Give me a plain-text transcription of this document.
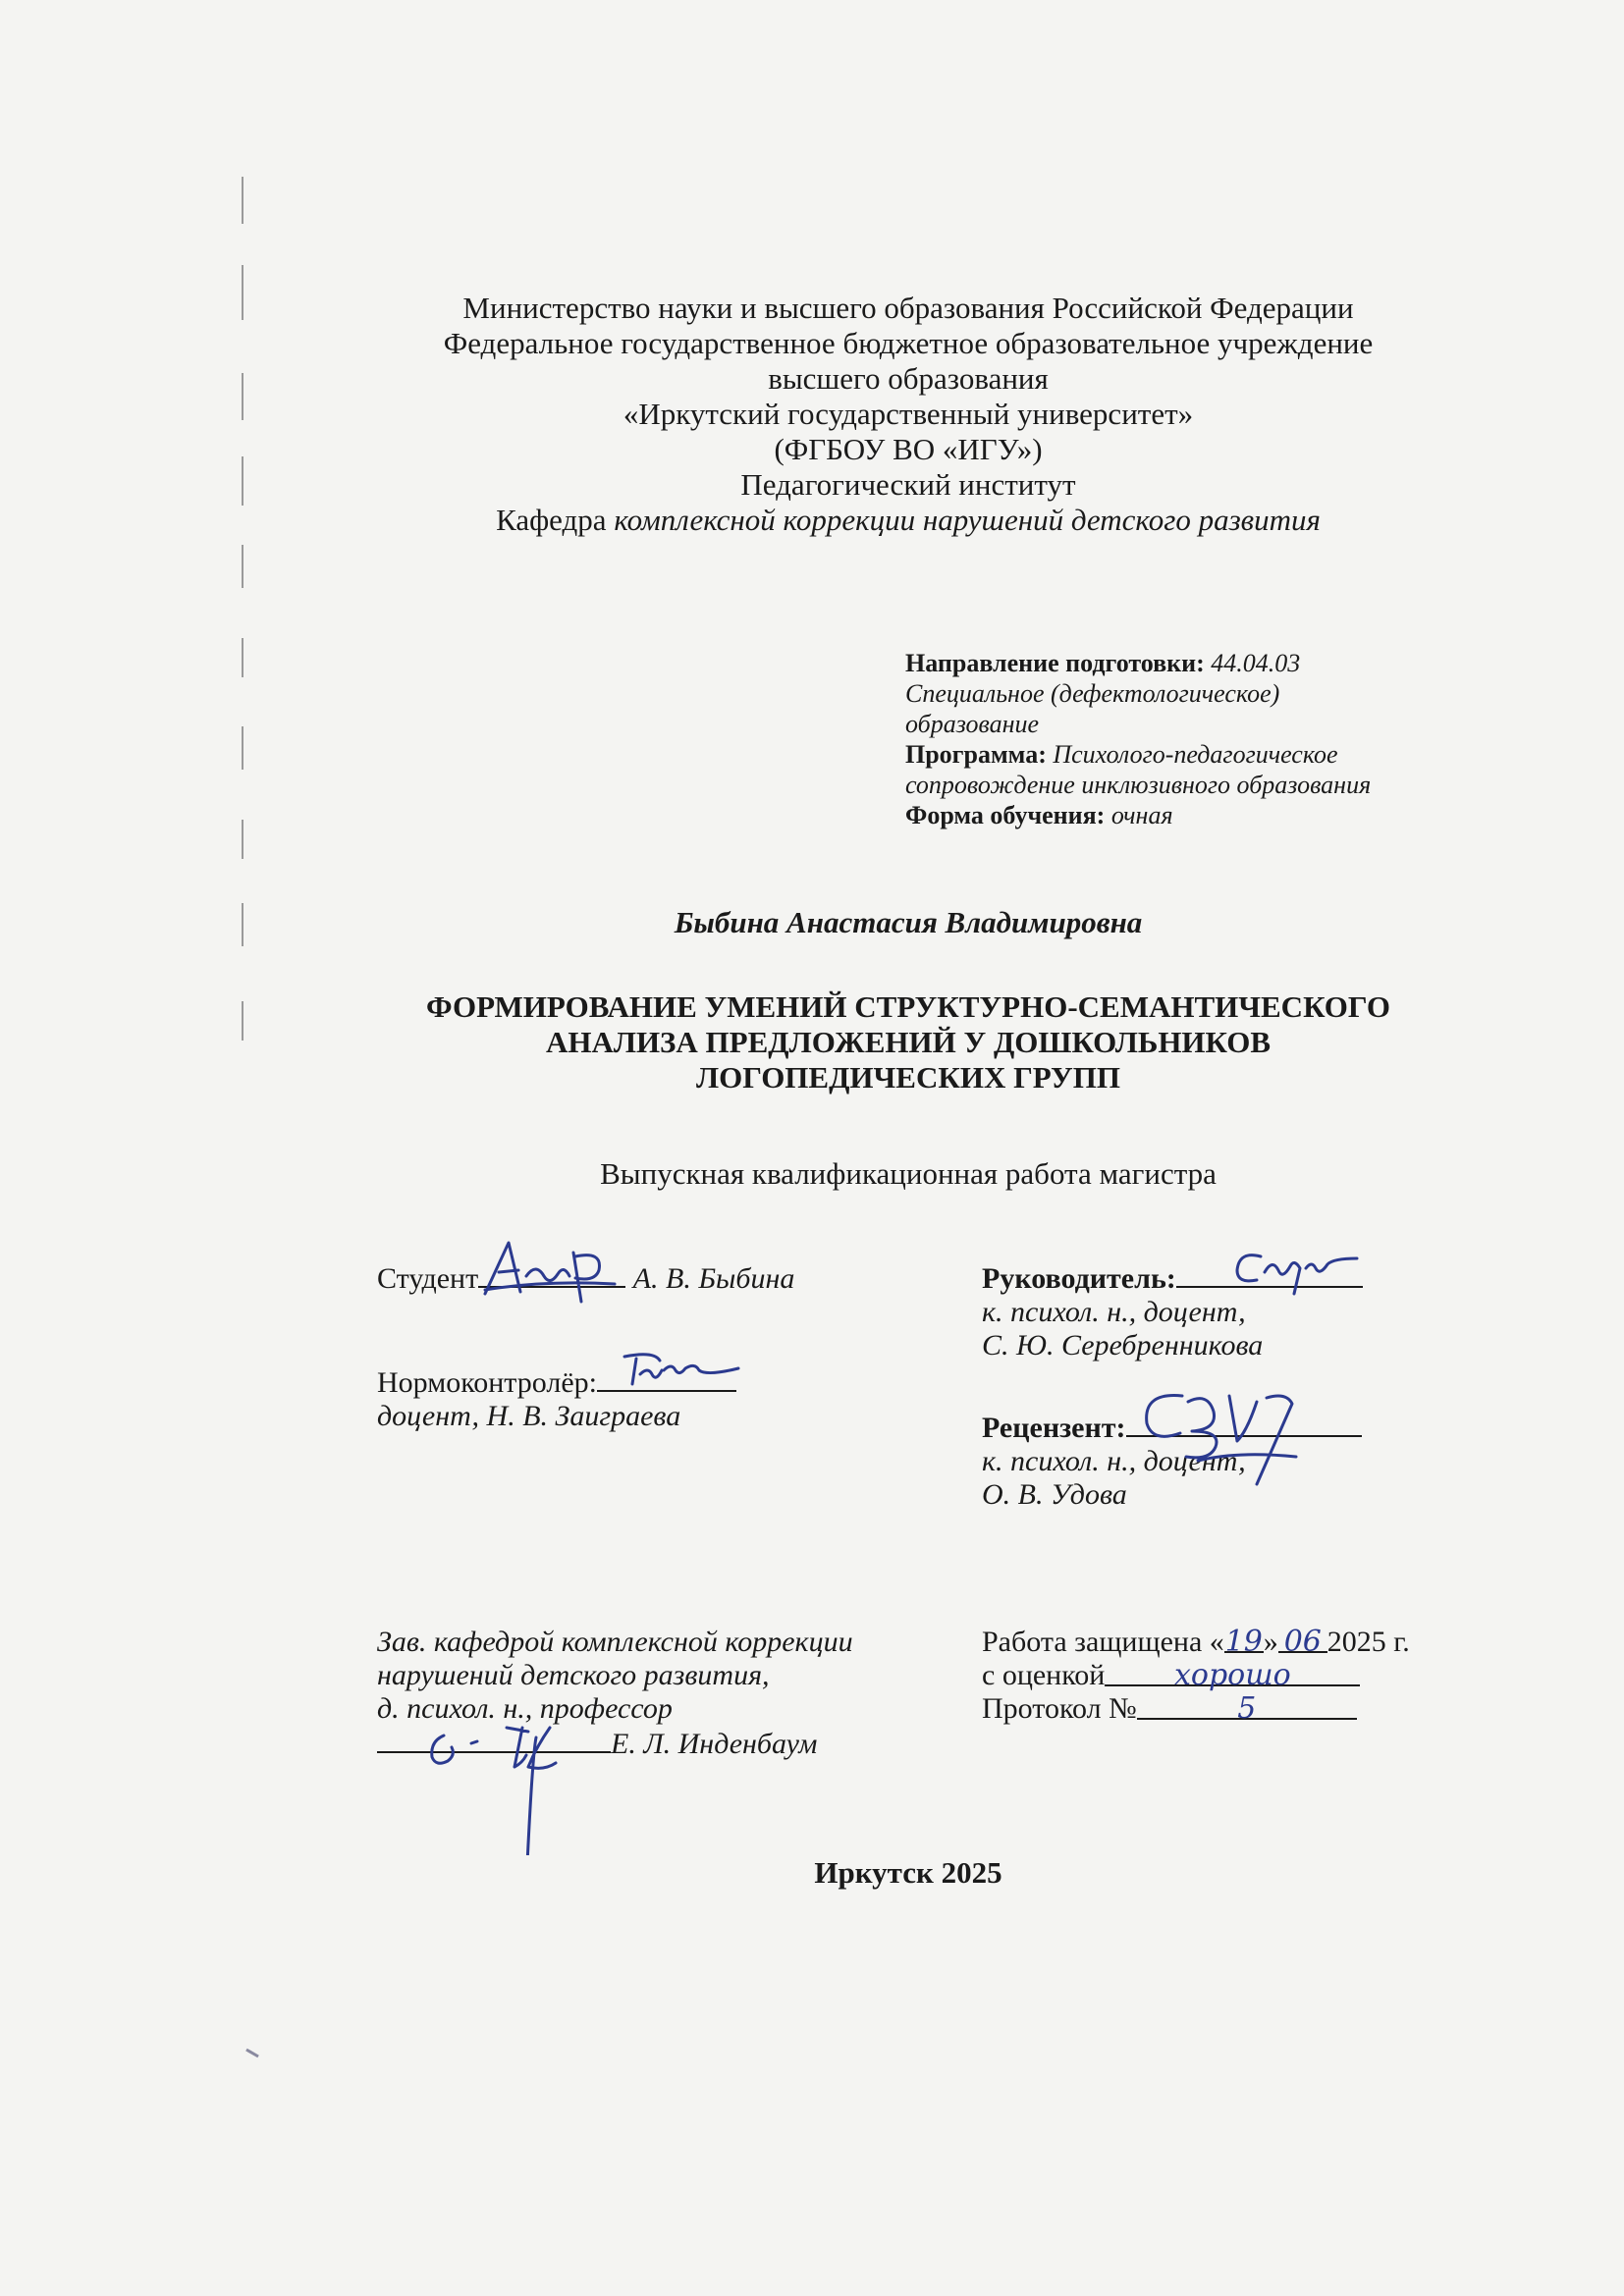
Министерство науки и высшего образования Российской Федерации
Федеральное государственное бюджетное образовательное учреждение
высшего образования
«Иркутский государственный университет»
(ФГБОУ ВО «ИГУ»)
Педагогический институт
Кафедра комплексной коррекции нарушений детского развития
Направление подготовки: 44.04.03
Специальное (дефектологическое)
образование
Программа: Психолого-педагогическое
сопровождение инклюзивного образования
Форма обучения: очная
Быбина Анастасия Владимировна
ФОРМИРОВАНИЕ УМЕНИЙ СТРУКТУРНО-СЕМАНТИЧЕСКОГО
АНАЛИЗА ПРЕДЛОЖЕНИЙ У ДОШКОЛЬНИКОВ
ЛОГОПЕДИЧЕСКИХ ГРУПП
Выпускная квалификационная работа магистра
Студент	А. В. Быбина
Нормоконтролёр:
доцент, Н. В. Заиграева
Руководитель:
к. психол. н., доцент,
С. Ю. Серебренникова
Рецензент:
к. психол. н., доцент,
О. В. Удова
Зав. кафедрой комплексной коррекции
нарушений детского развития,
д. психол. н., профессор
Е. Л. Инденбаум
Работа защищена «19» 06 2025 г.
с оценкой хорошо
Протокол №	5
Иркутск 2025
